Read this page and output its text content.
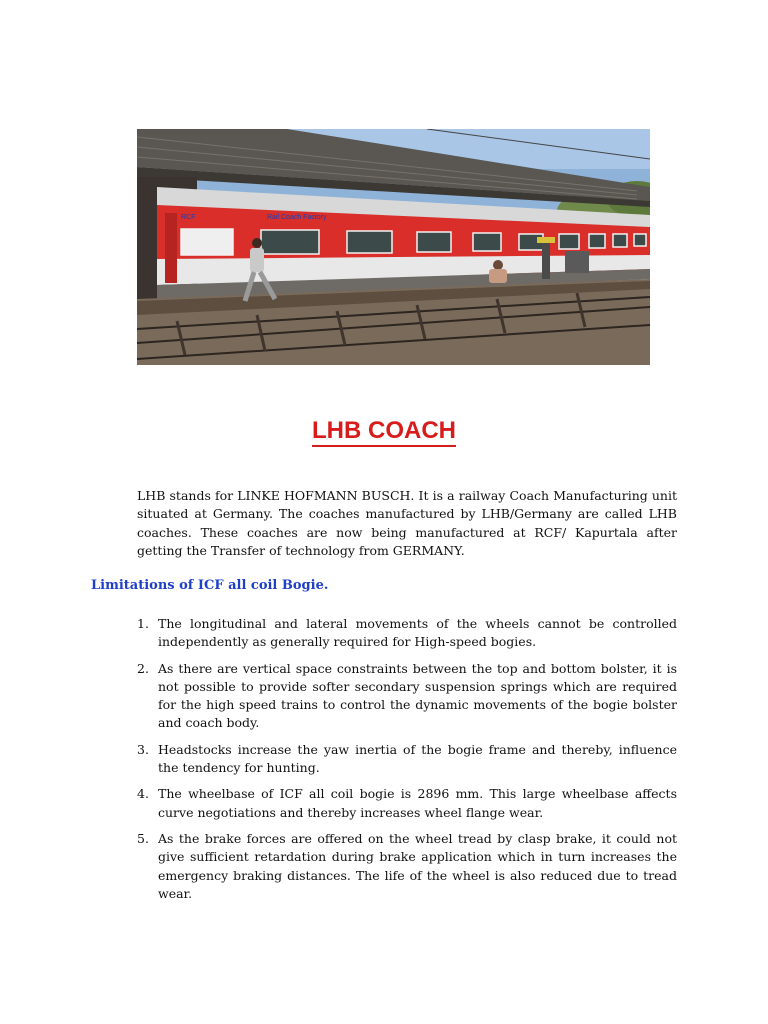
RCF	Rail Coach Factory
LHB COACH

LHB stands for LINKE HOFMANN BUSCH. It is a railway Coach Manufacturing unit situated at Germany. The coaches manufactured by LHB/Germany are called LHB coaches. These coaches are now being manufactured at RCF/ Kapurtala after getting the Transfer of technology from GERMANY.

Limitations of ICF all coil Bogie.
1. The longitudinal and lateral movements of the wheels cannot be controlled independently as generally required for High-speed bogies.
2. As there are vertical space constraints between the top and bottom bolster, it is not possible to provide softer secondary suspension springs which are required for the high speed trains to control the dynamic movements of the bogie bolster and coach body.
3. Headstocks increase the yaw inertia of the bogie frame and thereby, influence the tendency for hunting.
4. The wheelbase of ICF all coil bogie is 2896 mm. This large wheelbase affects curve negotiations and thereby increases wheel flange wear.
5. As the brake forces are offered on the wheel tread by clasp brake, it could not give sufficient retardation during brake application which in turn increases the emergency braking distances. The life of the wheel is also reduced due to tread wear.
